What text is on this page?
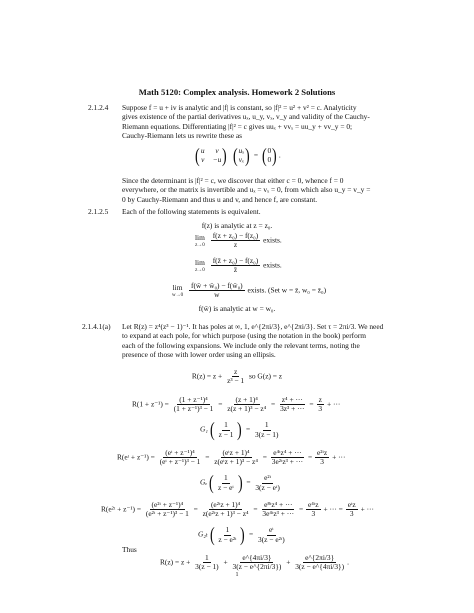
Math 5120: Complex analysis. Homework 2 Solutions
2.1.2.4	Suppose f = u + iv is analytic and |f| is constant, so |f|² = u² + v² = c. Analyticity
gives existence of the partial derivatives uₓ, u_y, vₓ, v_y and validity of the Cauchy-
Riemann equations. Differentiating |f|² = c gives uuₓ + vvₓ = uu_y + vv_y = 0;
Cauchy-Riemann lets us rewrite these as
( u	v
v −u )
( uₓ
vₓ ) = ( 0
0 ) .
Since the determinant is |f|² = c, we discover that either c = 0, whence f = 0
everywhere, or the matrix is invertible and uₓ = vₓ = 0, from which also u_y = v_y =
0 by Cauchy-Riemann and thus u and v, and hence f, are constant.
2.1.2.5	Each of the following statements is equivalent.
f(z) is analytic at z = z₀.
lim
z→0
$\frac{\text{f(z + z₀) − f(z₀)}}{z}$ exists.
lim
z→0
$\frac{\text{f(z̄ + z₀) − f(z₀)}}{z̄}$ exists.
lim
w→0
$\frac{\text{f(w̄ + w̄₀) − f(w̄₀)}}{w}$ exists. (Set w = z̄, w₀ = z̄₀)
f(w̄) is analytic at w = w₀.
2.1.4.1(a) Let R(z) = z⁴(z³ − 1)⁻¹. It has poles at ∞, 1, e^{2πi/3}, e^{2πi/3}. Set τ = 2πi/3. We need
to expand at each pole, for which purpose (using the notation in the book) perform
each of the following expansions. We include only the relevant terms, noting the
presence of those with lower order using an ellipsis.
$R(z) = z + \frac{z}{\text{z³ − 1}}$ so G(z) = z
$R(1 + z^{-1}) = \frac{\text{(1 + z⁻¹)⁴}}{\text{(1 + z⁻¹)³ − 1}} = \frac{\text{(z + 1)⁴}}{\text{z(z + 1)³ − z⁴}} = \frac{\text{z⁴ + ···}}{\text{3z³ + ···}} = \frac{z}{3}$ + ···
G₁ ( $\frac{1}{z - 1}$ ) = $\frac{1}{3(z - 1)}$
R(eᵗ + $z^{-1}) = \frac{\text{(eᵗ + z⁻¹)⁴}}{\text{(eᵗ + z⁻¹)³ − 1}} = \frac{\text{(eᵗz + 1)⁴}}{\text{z(eᵗz + 1)³ − z⁴}} = \frac{\text{e⁴ᵗz⁴ + ···}}{\text{3e²ᵗz³ + ···}} = \frac{\text{e²ᵗz}}{3}$ + ···
Gₑ ( $\frac{1}{\text{z − eᵗ}}$ ) = $\frac{\text{e²ᵗ}}{\text{3(z − eᵗ)}}$
R(e²ᵗ + $z^{-1}) = \frac{\text{(e²ᵗ + z⁻¹)⁴}}{\text{(e²ᵗ + z⁻¹)³ − 1}} = \frac{\text{(e²ᵗz + 1)⁴}}{\text{z(e²ᵗz + 1)³ − z⁴}} = \frac{\text{e⁸ᵗz⁴ + ···}}{\text{3e⁴ᵗz³ + ···}} = \frac{\text{e⁴ᵗz}}{3}$ + ··· = $\frac{\text{eᵗz}}{3}$ + ···
G₂ₜ ( $\frac{1}{\text{z − e²ᵗ}}$ ) = $\frac{\text{eᵗ}}{\text{3(z − e²ᵗ)}}$
Thus
$R(z) = z + \frac{1}{3(z - 1)} + \frac{e\^{}\{4\pi i/3\}}{3(z - e\^{}\{2\pi i/3\})} + \frac{e\^{}\{2\pi i/3\}}{3(z - e\^{}\{4\pi i/3\})}$ .
1
